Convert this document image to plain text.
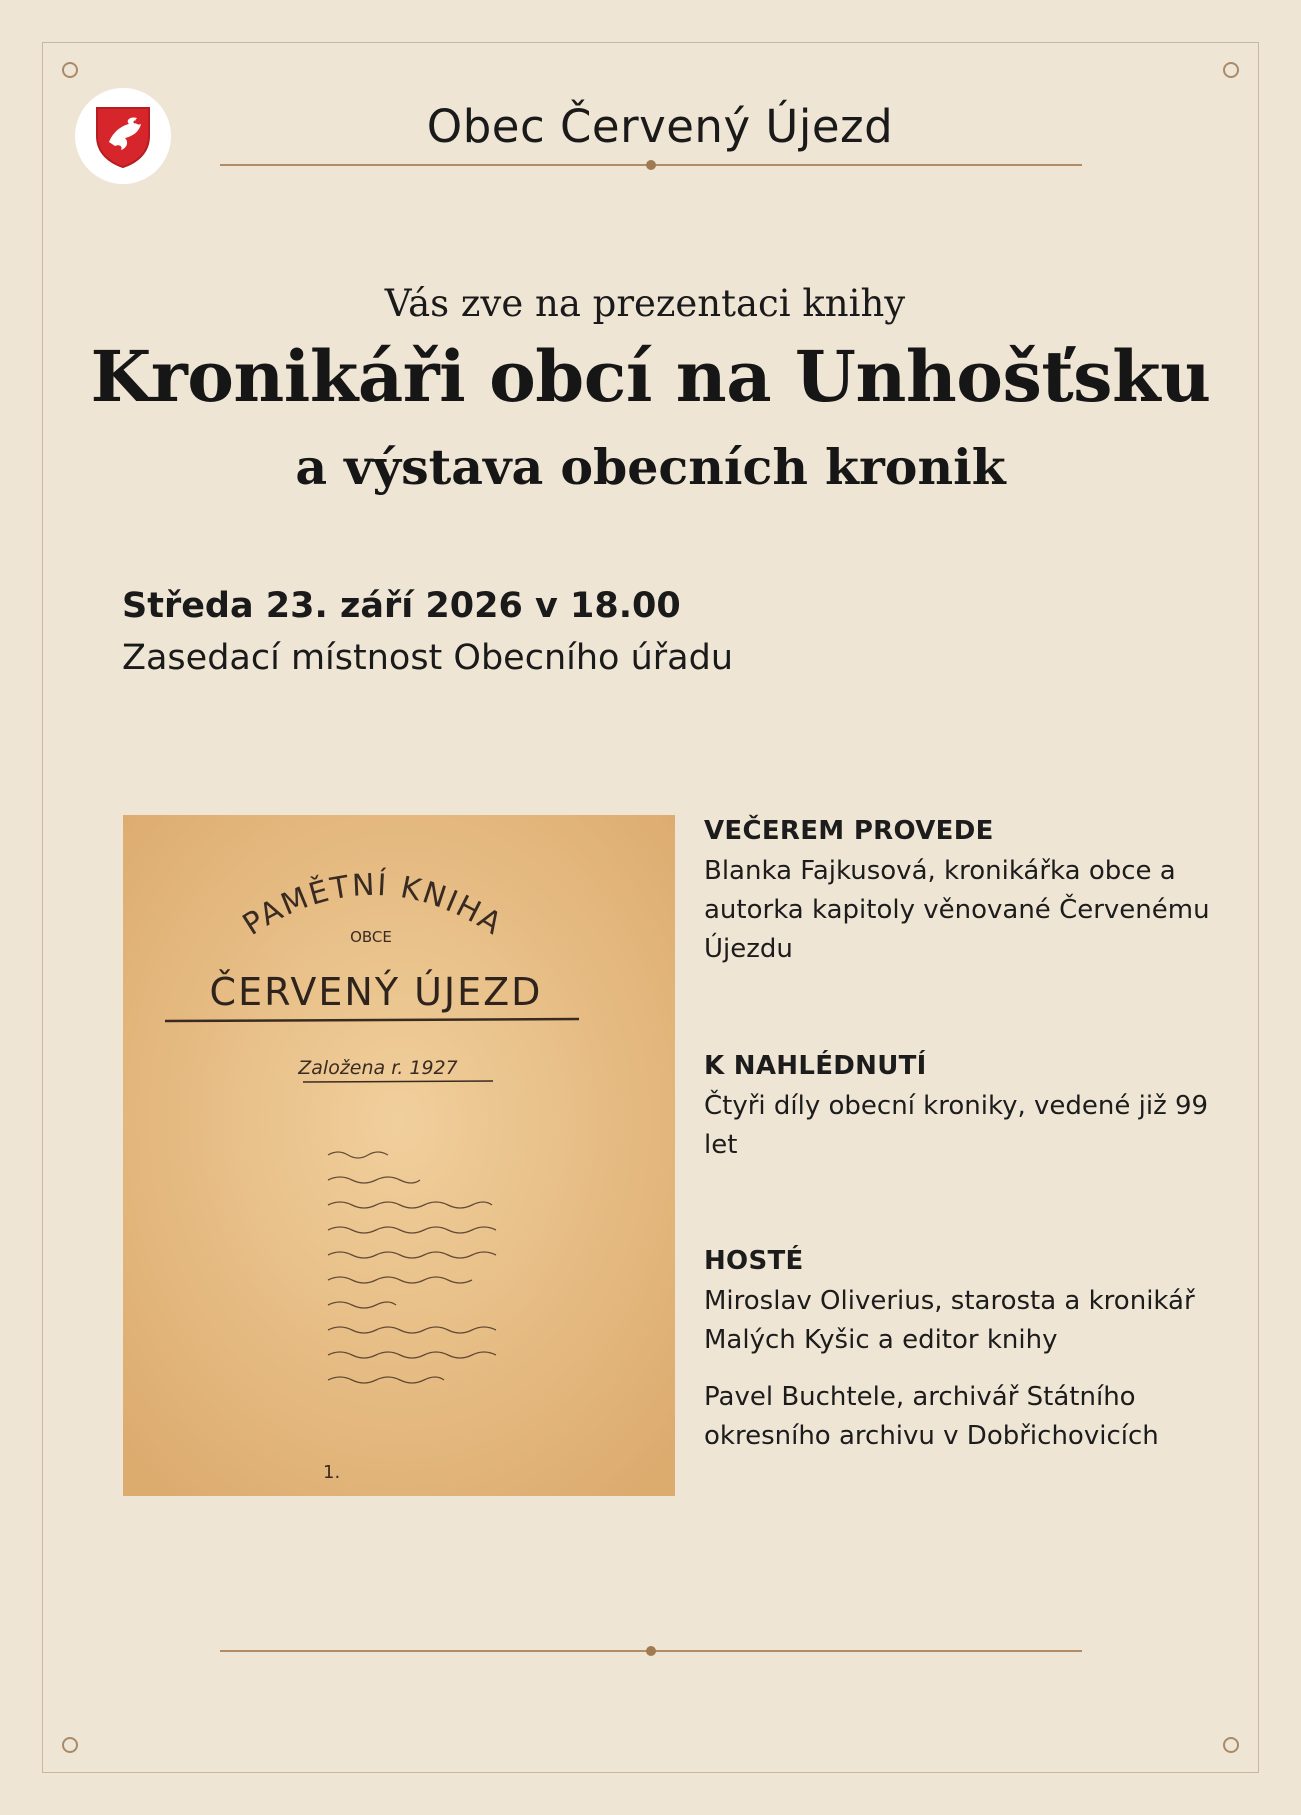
Obec Červený Újezd
Vás zve na prezentaci knihy
Kronikáři obcí na Unhošťsku
a výstava obecních kronik
Středa 23. září 2026 v 18.00
Zasedací místnost Obecního úřadu
PAMĚTNÍ KNIHA
OBCE
ČERVENÝ ÚJEZD
Založena r. 1927
1.
VEČEREM PROVEDE

Blanka Fajkusová, kronikářka obce a autorka kapitoly věnované Červenému Újezdu

K NAHLÉDNUTÍ

Čtyři díly obecní kroniky, vedené již 99 let

HOSTÉ

Miroslav Oliverius, starosta a kronikář Malých Kyšic a editor knihy

Pavel Buchtele, archivář Státního okresního archivu v Dobřichovicích
